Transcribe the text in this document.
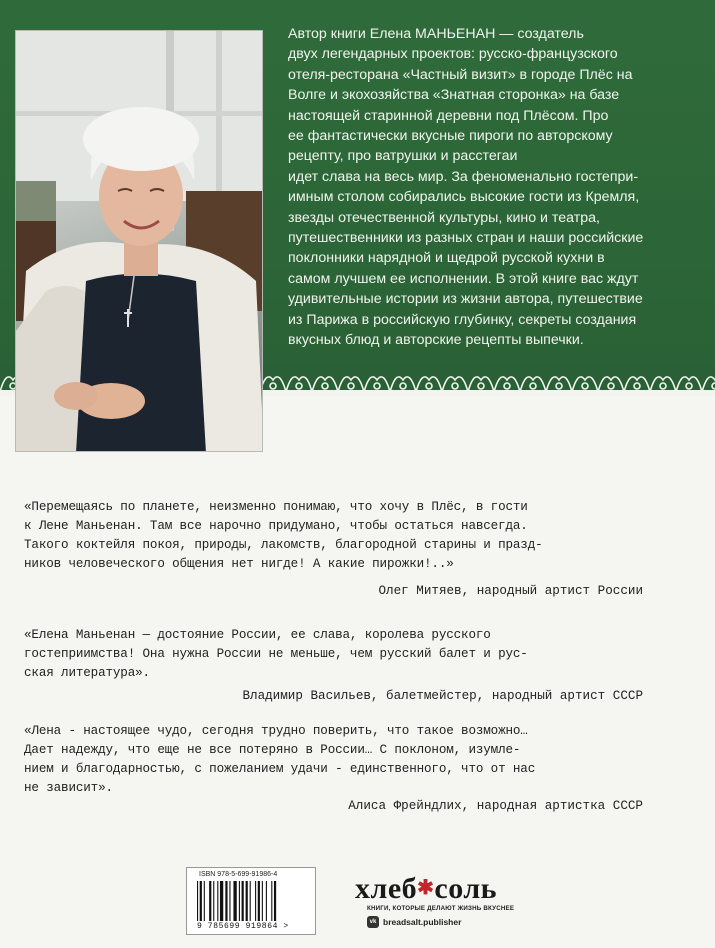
Автор книги Елена МАНЬЕНАН — создатель
двух легендарных проектов: русско-французского
отеля-ресторана «Частный визит» в городе Плёс на
Волге и экохозяйства «Знатная сторонка» на базе
настоящей старинной деревни под Плёсом. Про
ее фантастически вкусные пироги по авторскому
рецепту, про ватрушки и расстегаи
идет слава на весь мир. За феноменально гостепри-
имным столом собирались высокие гости из Кремля,
звезды отечественной культуры, кино и театра,
путешественники из разных стран и наши российские
поклонники нарядной и щедрой русской кухни в
самом лучшем ее исполнении. В этой книге вас ждут
удивительные истории из жизни автора, путешествие
из Парижа в российскую глубинку, секреты создания
вкусных блюд и авторские рецепты выпечки.
«Перемещаясь по планете, неизменно понимаю, что хочу в Плёс, в гости
к Лене Маньенан. Там все нарочно придумано, чтобы остаться навсегда.
Такого коктейля покоя, природы, лакомств, благородной старины и празд-
ников человеческого общения нет нигде! А какие пирожки!..»
Олег Митяев, народный артист России
«Елена Маньенан — достояние России, ее слава, королева русского
гостеприимства! Она нужна России не меньше, чем русский балет и рус-
ская литература».
Владимир Васильев, балетмейстер, народный артист СССР
«Лена - настоящее чудо, сегодня трудно поверить, что такое возможно…
Дает надежду, что еще не все потеряно в России… С поклоном, изумле-
нием и благодарностью, с пожеланием удачи - единственного, что от нас
не зависит».
Алиса Фрейндлих, народная артистка СССР
ISBN 978-5-699-91986-4
9 785699 919864 >
хлеб✱соль
КНИГИ, КОТОРЫЕ ДЕЛАЮТ ЖИЗНЬ ВКУСНЕЕ
vk breadsalt.publisher
